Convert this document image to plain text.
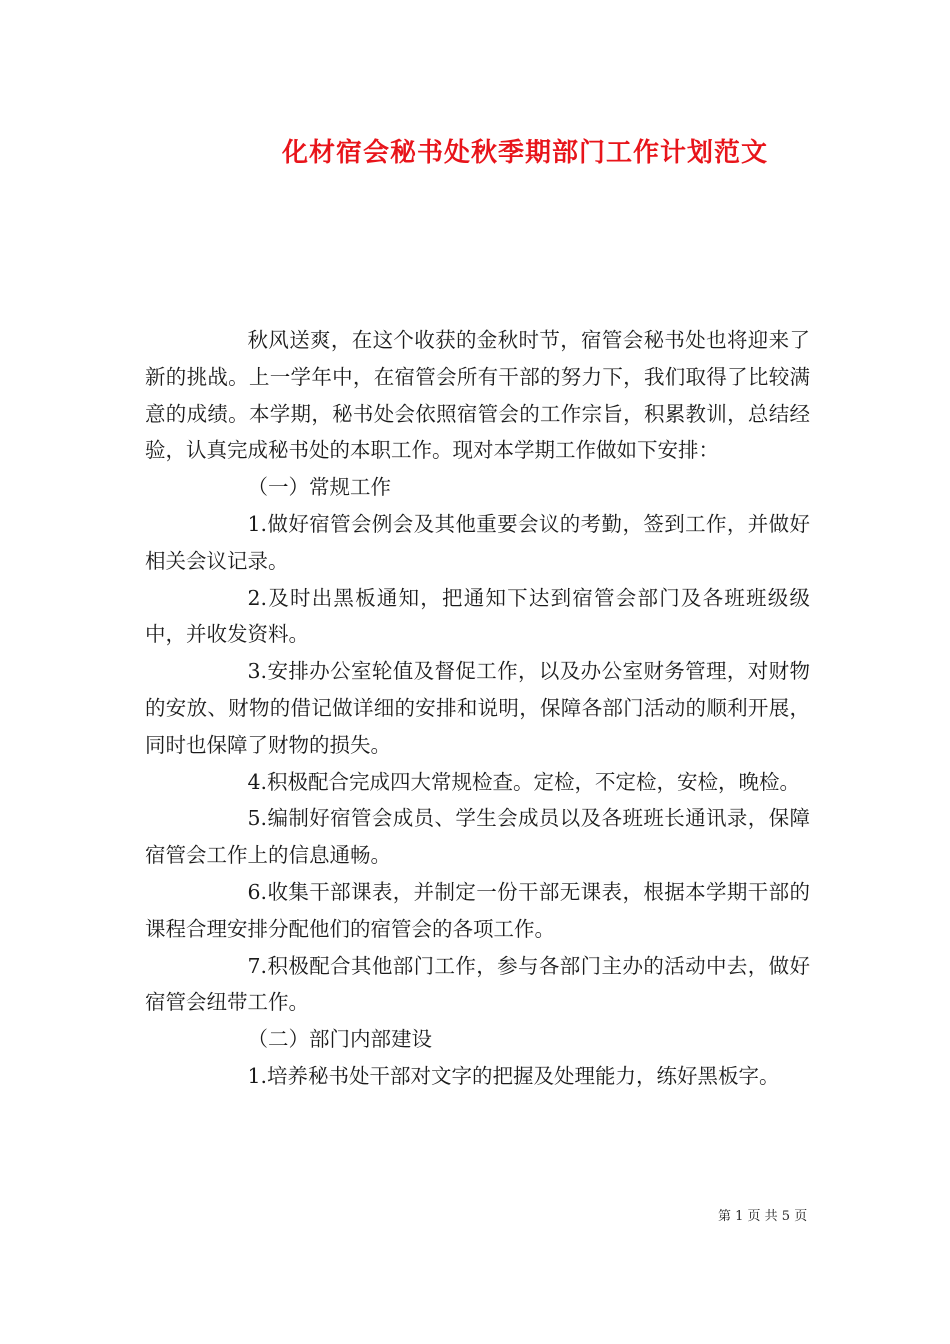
化材宿会秘书处秋季期部门工作计划范文

秋风送爽，在这个收获的金秋时节，宿管会秘书处也将迎来了新的挑战。上一学年中，在宿管会所有干部的努力下，我们取得了比较满意的成绩。本学期，秘书处会依照宿管会的工作宗旨，积累教训，总结经验，认真完成秘书处的本职工作。现对本学期工作做如下安排：

（一）常规工作

1.做好宿管会例会及其他重要会议的考勤，签到工作，并做好相关会议记录。

2.及时出黑板通知，把通知下达到宿管会部门及各班班级级中，并收发资料。

3.安排办公室轮值及督促工作，以及办公室财务管理，对财物的安放、财物的借记做详细的安排和说明，保障各部门活动的顺利开展，同时也保障了财物的损失。

4.积极配合完成四大常规检查。定检，不定检，安检，晚检。

5.编制好宿管会成员、学生会成员以及各班班长通讯录，保障宿管会工作上的信息通畅。

6.收集干部课表，并制定一份干部无课表，根据本学期干部的课程合理安排分配他们的宿管会的各项工作。

7.积极配合其他部门工作，参与各部门主办的活动中去，做好宿管会纽带工作。

（二）部门内部建设

1.培养秘书处干部对文字的把握及处理能力，练好黑板字。

第 1 页 共 5 页
